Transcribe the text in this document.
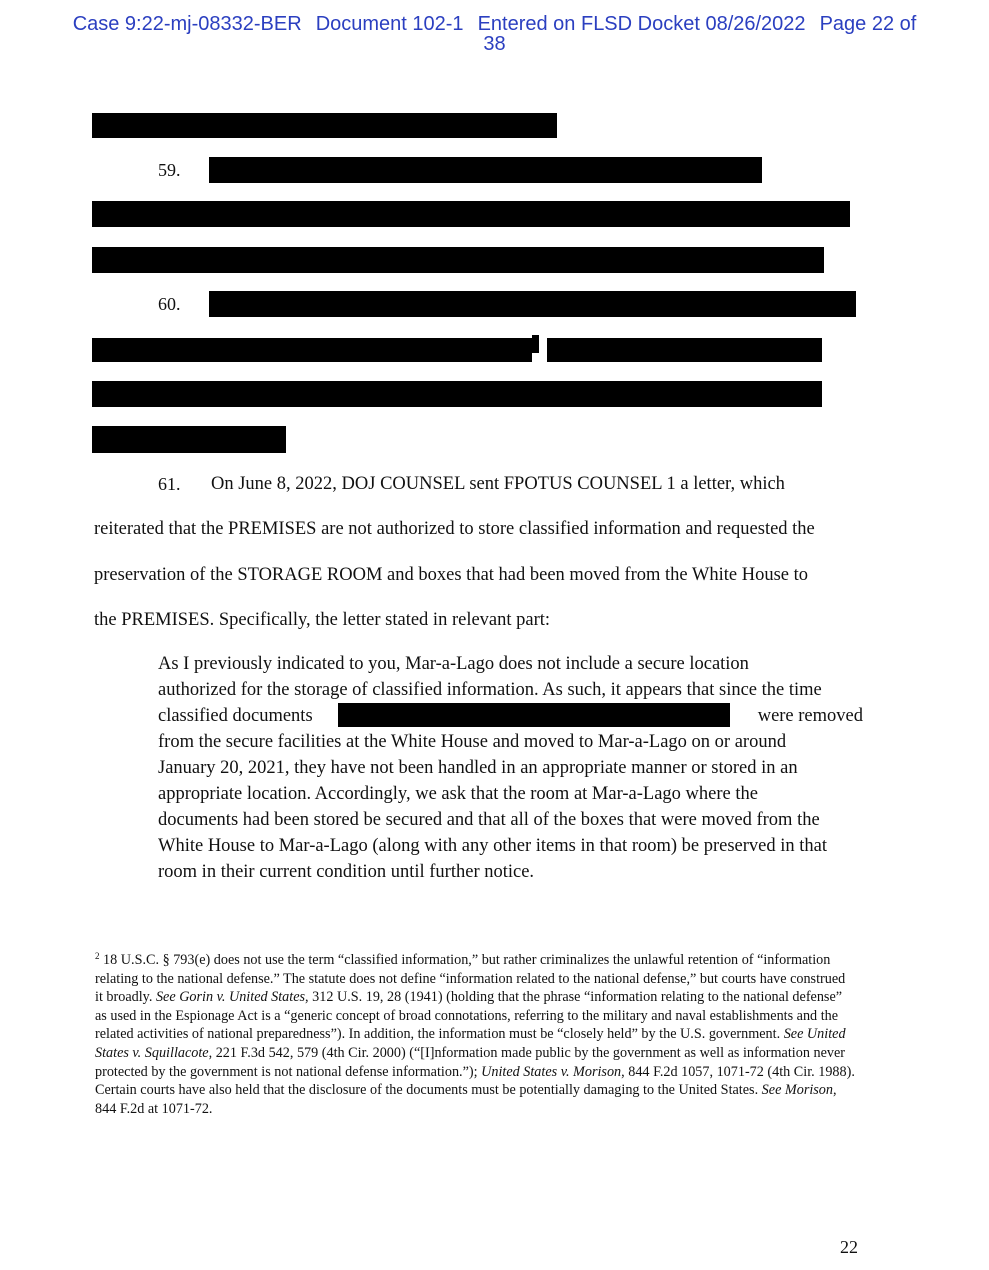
Case 9:22-mj-08332-BER Document 102-1 Entered on FLSD Docket 08/26/2022 Page 22 of
38
59.
60.
61. On June 8, 2022, DOJ COUNSEL sent FPOTUS COUNSEL 1 a letter, which
reiterated that the PREMISES are not authorized to store classified information and requested the
preservation of the STORAGE ROOM and boxes that had been moved from the White House to
the PREMISES. Specifically, the letter stated in relevant part:
As I previously indicated to you, Mar-a-Lago does not include a secure location
authorized for the storage of classified information. As such, it appears that since the time
classified documents	were removed
from the secure facilities at the White House and moved to Mar-a-Lago on or around
January 20, 2021, they have not been handled in an appropriate manner or stored in an
appropriate location. Accordingly, we ask that the room at Mar-a-Lago where the
documents had been stored be secured and that all of the boxes that were moved from the
White House to Mar-a-Lago (along with any other items in that room) be preserved in that
room in their current condition until further notice.
$^2$ 18 U.S.C. § 793(e) does not use the term “classified information,” but rather criminalizes the unlawful retention of “information relating to the national defense.” The statute does not define “information related to the national defense,” but courts have construed it broadly. See Gorin v. United States, 312 U.S. 19, 28 (1941) (holding that the phrase “information relating to the national defense” as used in the Espionage Act is a “generic concept of broad connotations, referring to the military and naval establishments and the related activities of national preparedness”). In addition, the information must be “closely held” by the U.S. government. See United States v. Squillacote, 221 F.3d 542, 579 (4th Cir. 2000) (“[I]nformation made public by the government as well as information never protected by the government is not national defense information.”); United States v. Morison, 844 F.2d 1057, 1071-72 (4th Cir. 1988). Certain courts have also held that the disclosure of the documents must be potentially damaging to the United States. See Morison, 844 F.2d at 1071-72.
22
